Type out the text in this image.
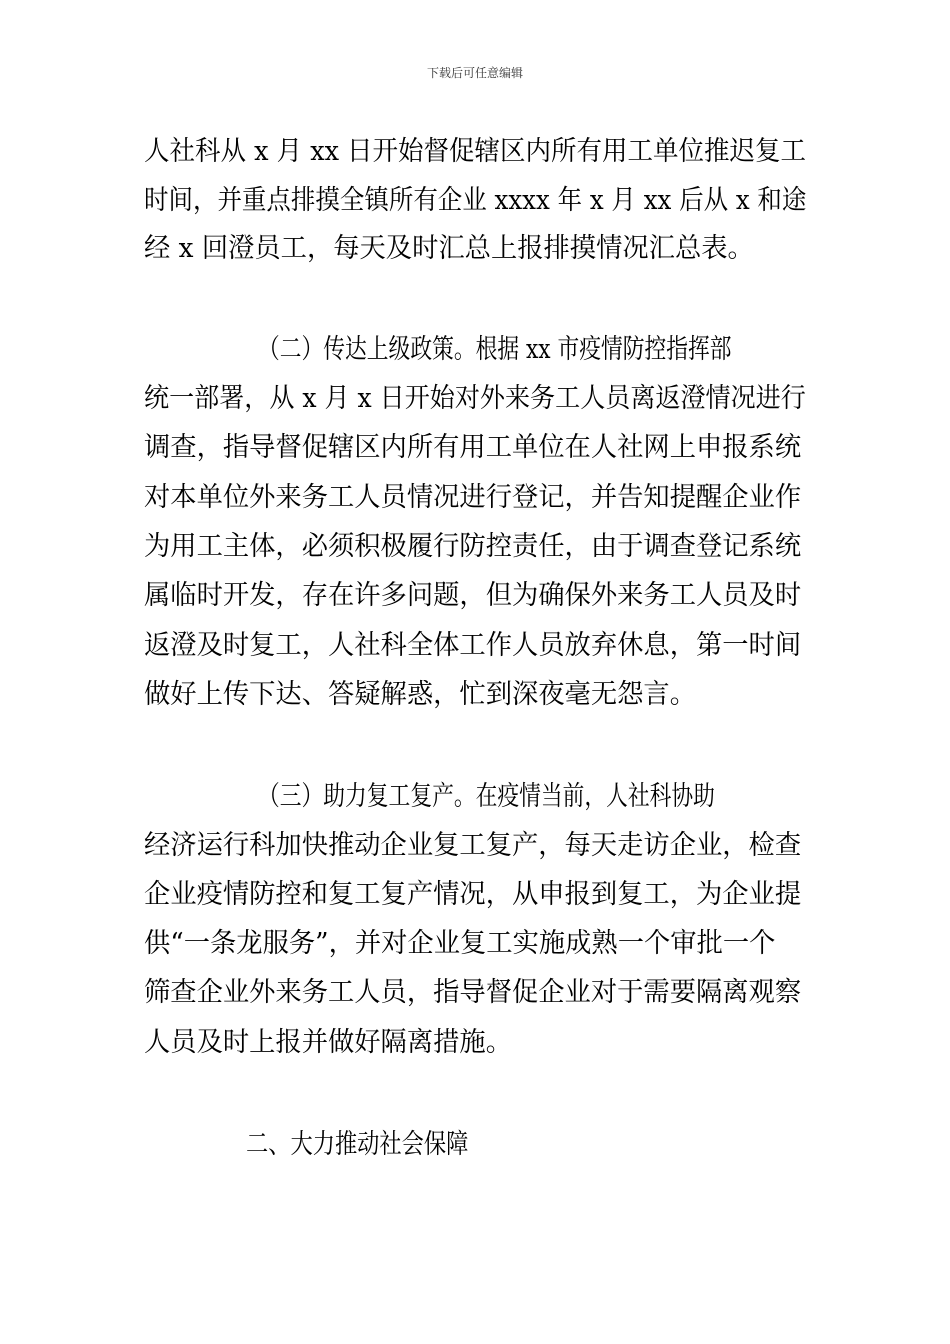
下载后可任意编辑
人社科从 x 月 xx 日开始督促辖区内所有用工单位推迟复工
时间，并重点排摸全镇所有企业 xxxx 年 x 月 xx 后从 x 和途
经 x 回澄员工，每天及时汇总上报排摸情况汇总表。
（二）传达上级政策。根据 xx 市疫情防控指挥部
统一部署，从 x 月 x 日开始对外来务工人员离返澄情况进行
调查，指导督促辖区内所有用工单位在人社网上申报系统
对本单位外来务工人员情况进行登记，并告知提醒企业作
为用工主体，必须积极履行防控责任，由于调查登记系统
属临时开发，存在许多问题，但为确保外来务工人员及时
返澄及时复工，人社科全体工作人员放弃休息，第一时间
做好上传下达、答疑解惑，忙到深夜毫无怨言。
（三）助力复工复产。在疫情当前，人社科协助
经济运行科加快推动企业复工复产，每天走访企业，检查
企业疫情防控和复工复产情况，从申报到复工，为企业提
供“一条龙服务”，并对企业复工实施成熟一个审批一个
筛查企业外来务工人员，指导督促企业对于需要隔离观察
人员及时上报并做好隔离措施。
二、大力推动社会保障
